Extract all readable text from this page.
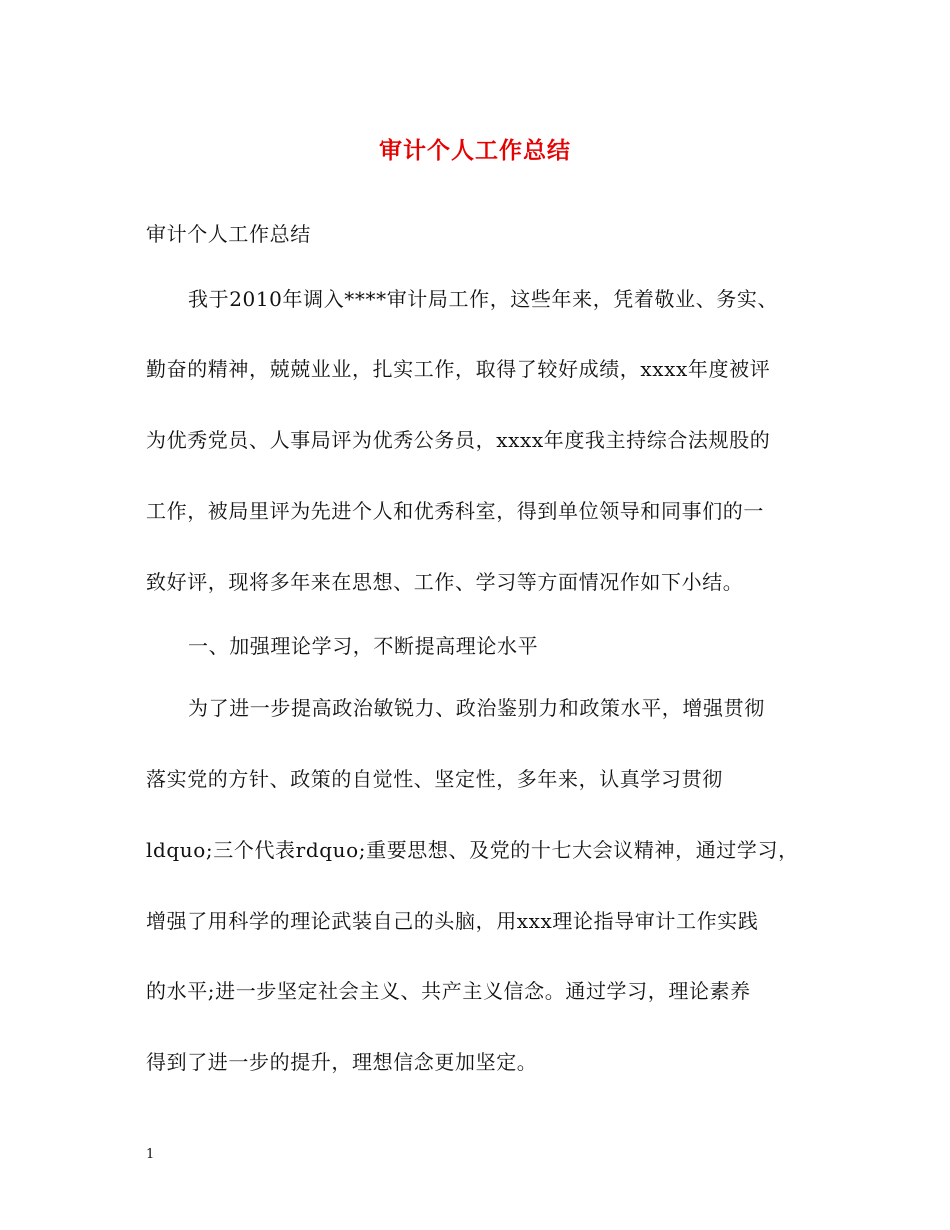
审计个人工作总结
审计个人工作总结
我于2010年调入****审计局工作，这些年来，凭着敬业、务实、
勤奋的精神，兢兢业业，扎实工作，取得了较好成绩，xxxx年度被评
为优秀党员、人事局评为优秀公务员，xxxx年度我主持综合法规股的
工作，被局里评为先进个人和优秀科室，得到单位领导和同事们的一
致好评，现将多年来在思想、工作、学习等方面情况作如下小结。
一、加强理论学习，不断提高理论水平
为了进一步提高政治敏锐力、政治鉴别力和政策水平，增强贯彻
落实党的方针、政策的自觉性、坚定性，多年来，认真学习贯彻
ldquo;三个代表rdquo;重要思想、及党的十七大会议精神，通过学习，
增强了用科学的理论武装自己的头脑，用xxx理论指导审计工作实践
的水平;进一步坚定社会主义、共产主义信念。通过学习，理论素养
得到了进一步的提升，理想信念更加坚定。
1
